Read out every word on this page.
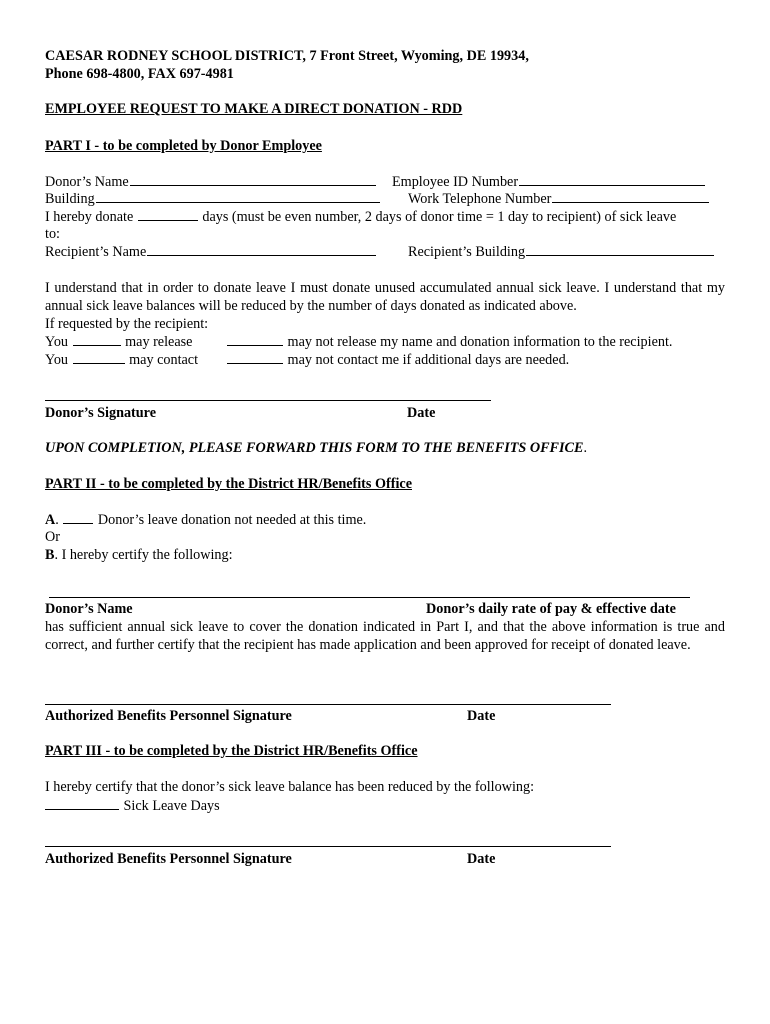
CAESAR RODNEY SCHOOL DISTRICT, 7 Front Street, Wyoming, DE 19934,
Phone 698-4800, FAX 697-4981
EMPLOYEE REQUEST TO MAKE A DIRECT DONATION - RDD
PART I - to be completed by Donor Employee
Donor’s Name	Employee ID Number
Building	Work Telephone Number
I hereby donate	days (must be even number, 2 days of donor time = 1 day to recipient) of sick leave
to:
Recipient’s Name	Recipient’s Building
I understand that in order to donate leave I must donate unused accumulated annual sick leave. I understand that my annual sick leave balances will be reduced by the number of days donated as indicated above.
If requested by the recipient:
You	may release	may not release my name and donation information to the recipient.
You	may contact	may not contact me if additional days are needed.
Donor’s Signature	Date
UPON COMPLETION, PLEASE FORWARD THIS FORM TO THE BENEFITS OFFICE.
PART II - to be completed by the District HR/Benefits Office
A.	Donor’s leave donation not needed at this time.
Or
B. I hereby certify the following:
Donor’s Name	Donor’s daily rate of pay & effective date
has sufficient annual sick leave to cover the donation indicated in Part I, and that the above information is true and correct, and further certify that the recipient has made application and been approved for receipt of donated leave.
Authorized Benefits Personnel Signature	Date
PART III - to be completed by the District HR/Benefits Office
I hereby certify that the donor’s sick leave balance has been reduced by the following:
Sick Leave Days
Authorized Benefits Personnel Signature	Date
